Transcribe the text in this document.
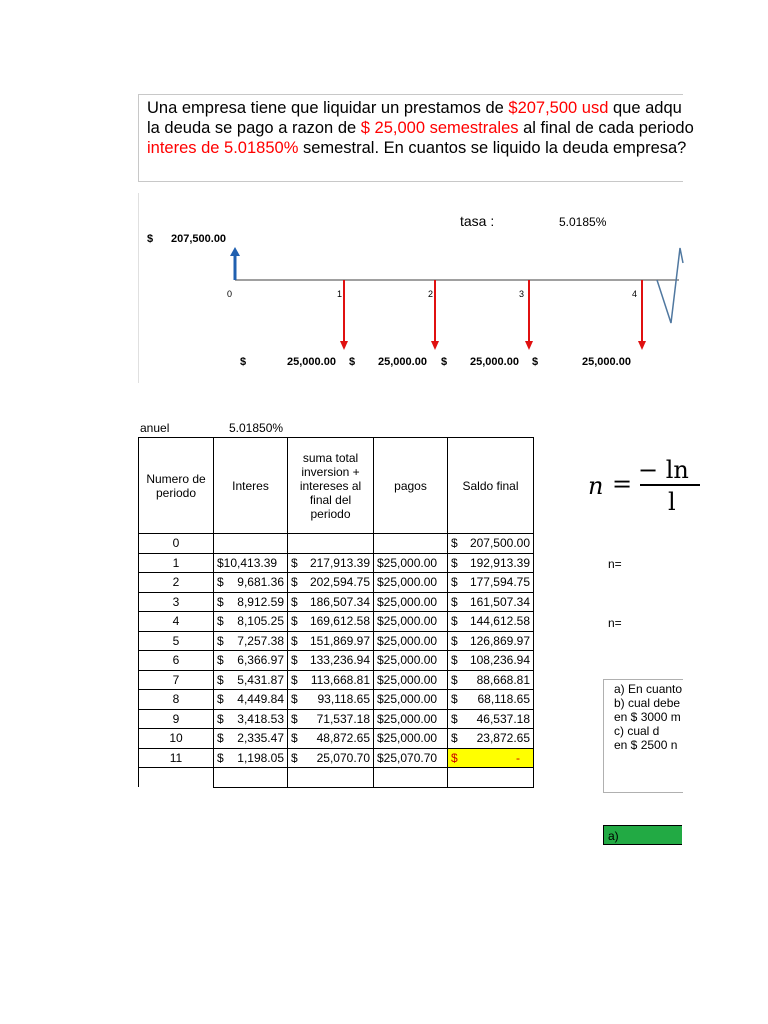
Una empresa tiene que liquidar un prestamos de $207,500 usd que adqu
la deuda se pago a razon de $ 25,000 semestrales al final de cada periodo
interes de 5.01850% semestral. En cuantos se liquido la deuda empresa?
tasa :	5.0185%
$ 207,500.00
0	1	2	3	4
$	25,000.00 $ 25,000.00 $ 25,000.00 $	25,000.00
anuel	5.01850%
Numero de periodo	Interes	suma total inversion + intereses al final del periodo	pagos	Saldo final
0				$ 207,500.00

1	$10,413.39	$ 217,913.39	$25,000.00	$ 192,913.39

2	$ 9,681.36	$ 202,594.75	$25,000.00	$ 177,594.75

3	$ 8,912.59	$ 186,507.34	$25,000.00	$ 161,507.34

4	$ 8,105.25	$ 169,612.58	$25,000.00	$ 144,612.58

5	$ 7,257.38	$ 151,869.97	$25,000.00	$ 126,869.97

6	$ 6,366.97	$ 133,236.94	$25,000.00	$ 108,236.94

7	$ 5,431.87	$ 113,668.81	$25,000.00	$ 88,668.81

8	$ 4,449.84	$ 93,118.65	$25,000.00	$ 68,118.65

9	$ 3,418.53	$ 71,537.18	$25,000.00	$ 46,537.18

10	$ 2,335.47	$ 48,872.65	$25,000.00	$ 23,872.65

11	$ 1,198.05	$ 25,070.70	$25,070.70	$ -

n = − ln
l
n=
n=
a) En cuanto
b) cual debe
en $ 3000 m
c) cual d
en $ 2500 n
a)
